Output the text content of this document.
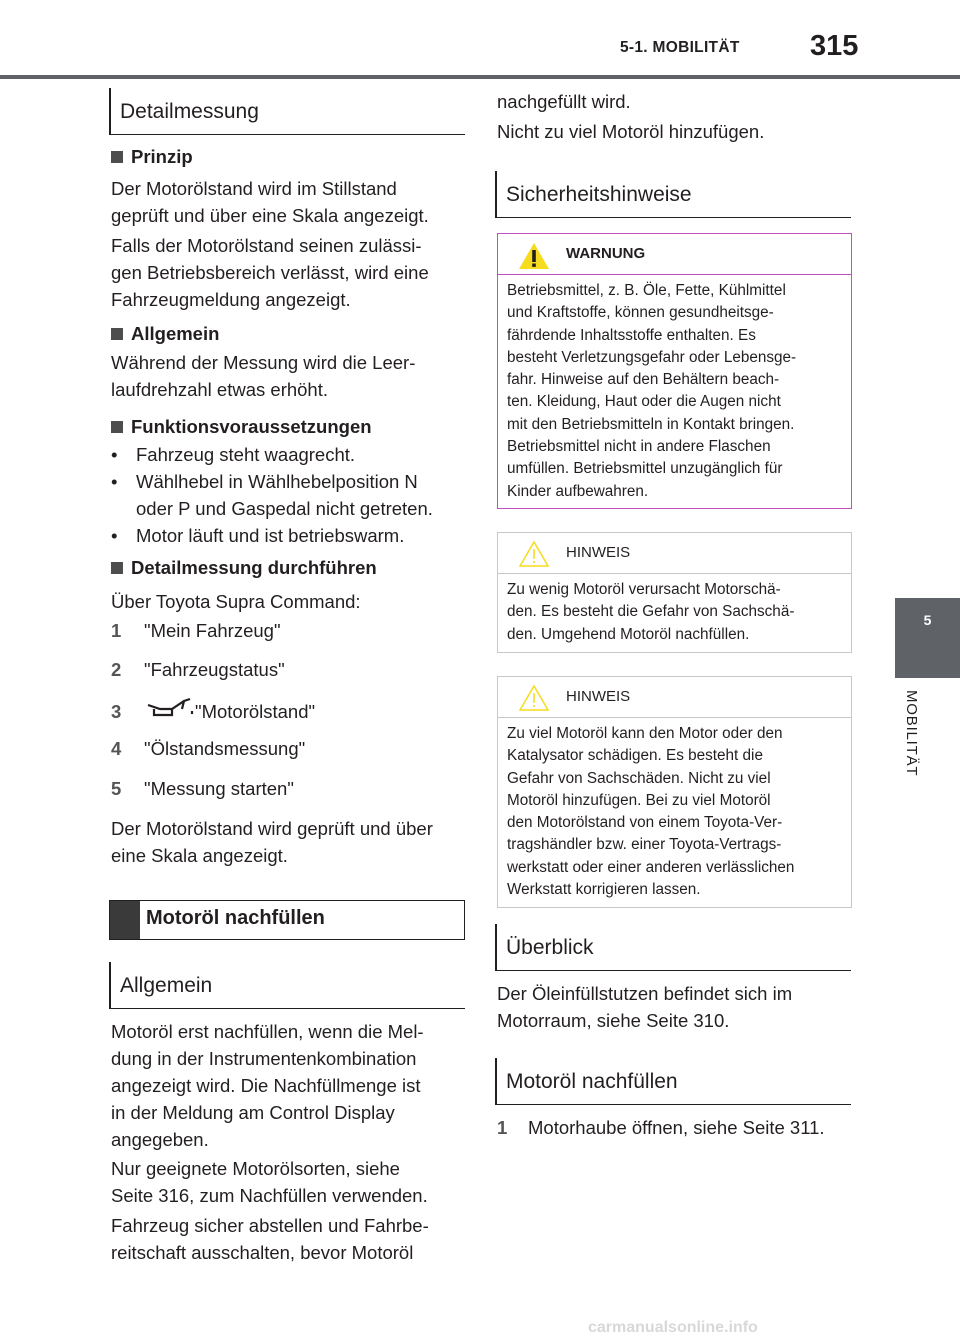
5-1. MOBILITÄT 315
5
MOBILITÄT
Detailmessung
Prinzip
Der Motorölstand wird im Stillstand
geprüft und über eine Skala angezeigt.
Falls der Motorölstand seinen zulässi-
gen Betriebsbereich verlässt, wird eine
Fahrzeugmeldung angezeigt.
Allgemein
Während der Messung wird die Leer-
laufdrehzahl etwas erhöht.
Funktionsvoraussetzungen
• Fahrzeug steht waagrecht.
• Wählhebel in Wählhebelposition N
oder P und Gaspedal nicht getreten.
• Motor läuft und ist betriebswarm.
Detailmessung durchführen
Über Toyota Supra Command:
1 "Mein Fahrzeug"
2 "Fahrzeugstatus"
3	"Motorölstand"
4 "Ölstandsmessung"
5 "Messung starten"
Der Motorölstand wird geprüft und über
eine Skala angezeigt.
Motoröl nachfüllen
Allgemein
Motoröl erst nachfüllen, wenn die Mel-
dung in der Instrumentenkombination
angezeigt wird. Die Nachfüllmenge ist
in der Meldung am Control Display
angegeben.
Nur geeignete Motorölsorten, siehe
Seite 316, zum Nachfüllen verwenden.
Fahrzeug sicher abstellen und Fahrbe-
reitschaft ausschalten, bevor Motoröl
nachgefüllt wird.
Nicht zu viel Motoröl hinzufügen.
Sicherheitshinweise
WARNUNG
Betriebsmittel, z. B. Öle, Fette, Kühlmittel
und Kraftstoffe, können gesundheitsge-
fährdende Inhaltsstoffe enthalten. Es
besteht Verletzungsgefahr oder Lebensge-
fahr. Hinweise auf den Behältern beach-
ten. Kleidung, Haut oder die Augen nicht
mit den Betriebsmitteln in Kontakt bringen.
Betriebsmittel nicht in andere Flaschen
umfüllen. Betriebsmittel unzugänglich für
Kinder aufbewahren.
HINWEIS
Zu wenig Motoröl verursacht Motorschä-
den. Es besteht die Gefahr von Sachschä-
den. Umgehend Motoröl nachfüllen.
HINWEIS
Zu viel Motoröl kann den Motor oder den
Katalysator schädigen. Es besteht die
Gefahr von Sachschäden. Nicht zu viel
Motoröl hinzufügen. Bei zu viel Motoröl
den Motorölstand von einem Toyota-Ver-
tragshändler bzw. einer Toyota-Vertrags-
werkstatt oder einer anderen verlässlichen
Werkstatt korrigieren lassen.
Überblick
Der Öleinfüllstutzen befindet sich im
Motorraum, siehe Seite 310.
Motoröl nachfüllen
1 Motorhaube öffnen, siehe Seite 311.
carmanualsonline.info
